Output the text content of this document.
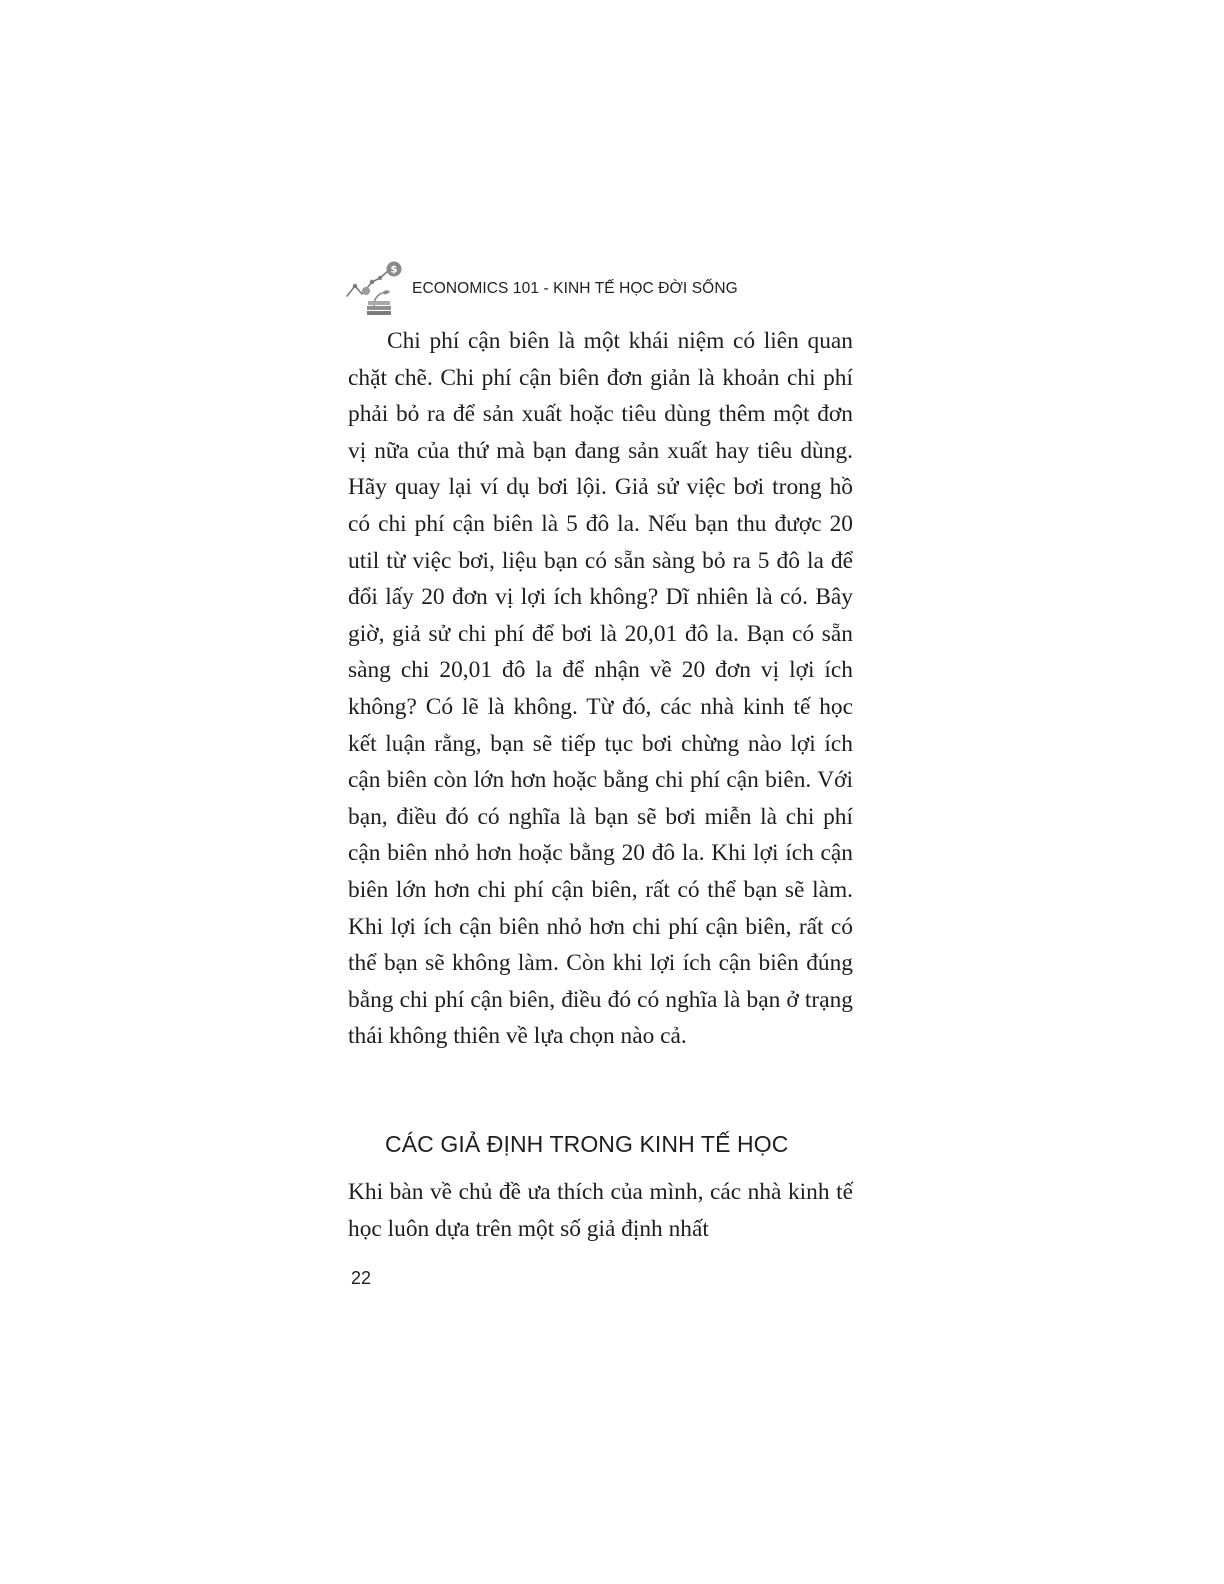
$
ECONOMICS 101 - KINH TẾ HỌC ĐỜI SỐNG

Chi phí cận biên là một khái niệm có liên quan chặt chẽ. Chi phí cận biên đơn giản là khoản chi phí phải bỏ ra để sản xuất hoặc tiêu dùng thêm một đơn vị nữa của thứ mà bạn đang sản xuất hay tiêu dùng. Hãy quay lại ví dụ bơi lội. Giả sử việc bơi trong hồ có chi phí cận biên là 5 đô la. Nếu bạn thu được 20 util từ việc bơi, liệu bạn có sẵn sàng bỏ ra 5 đô la để đổi lấy 20 đơn vị lợi ích không? Dĩ nhiên là có. Bây giờ, giả sử chi phí để bơi là 20,01 đô la. Bạn có sẵn sàng chi 20,01 đô la để nhận về 20 đơn vị lợi ích không? Có lẽ là không. Từ đó, các nhà kinh tế học kết luận rằng, bạn sẽ tiếp tục bơi chừng nào lợi ích cận biên còn lớn hơn hoặc bằng chi phí cận biên. Với bạn, điều đó có nghĩa là bạn sẽ bơi miễn là chi phí cận biên nhỏ hơn hoặc bằng 20 đô la. Khi lợi ích cận biên lớn hơn chi phí cận biên, rất có thể bạn sẽ làm. Khi lợi ích cận biên nhỏ hơn chi phí cận biên, rất có thể bạn sẽ không làm. Còn khi lợi ích cận biên đúng bằng chi phí cận biên, điều đó có nghĩa là bạn ở trạng thái không thiên về lựa chọn nào cả.

CÁC GIẢ ĐỊNH TRONG KINH TẾ HỌC

Khi bàn về chủ đề ưa thích của mình, các nhà kinh tế học luôn dựa trên một số giả định nhất

22
